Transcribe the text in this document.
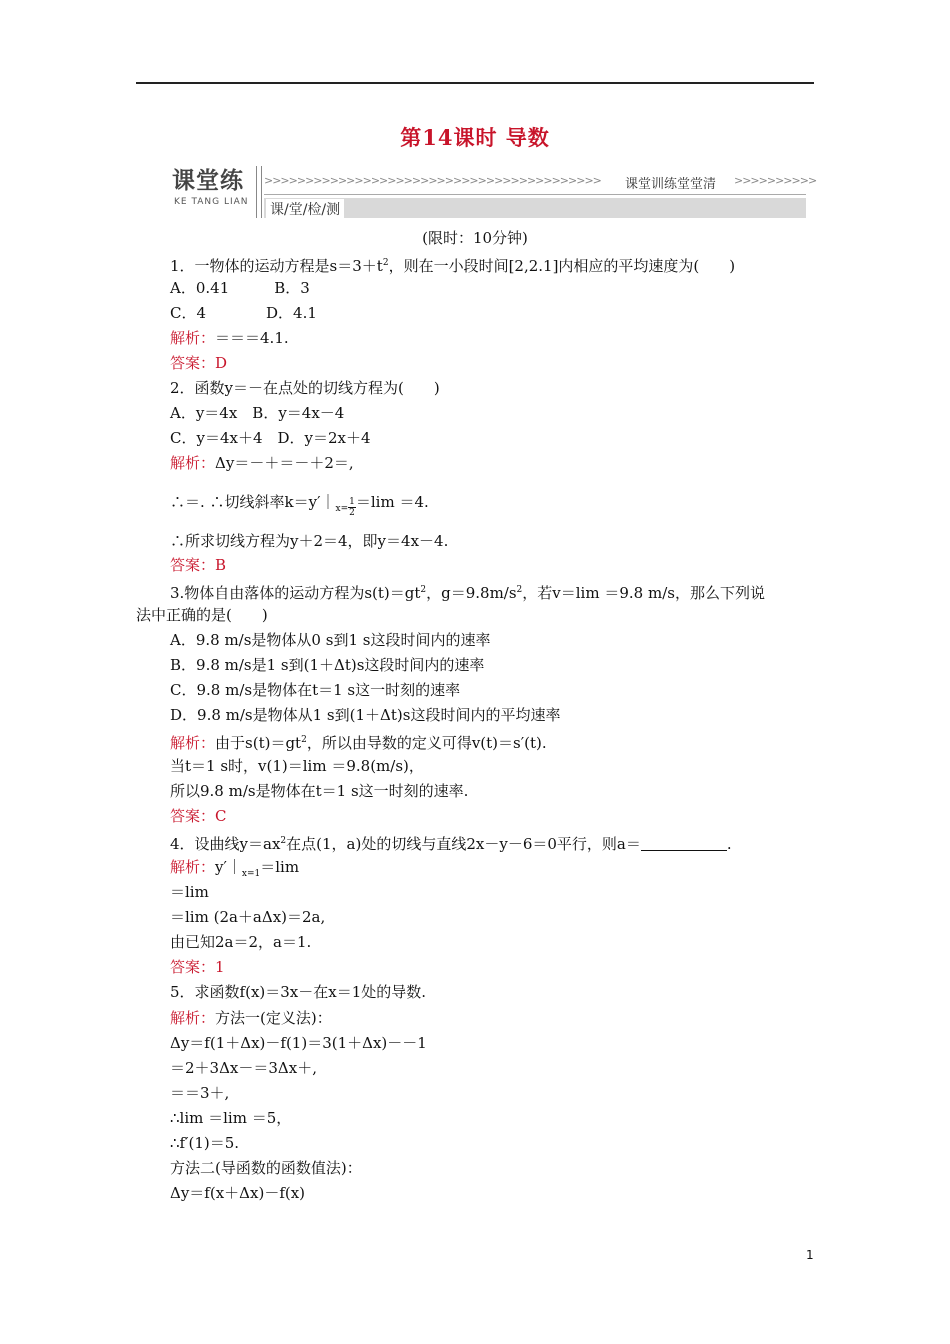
第14课时 导数
课堂练
KE TANG LIAN
>>>>>>>>>>>>>>>>>>>>>>>>>>>>>>>>>>>>>>>>>	课堂训练堂堂清 >>>>>>>>>>
课/堂/检/测
(限时：10分钟)
1．一物体的运动方程是$s=3+t^2$，则在一小段时间[2,2.1]内相应的平均速度为(　　)
A．0.41　　　B．3
C．4　　　　D．4.1
解析：＝＝＝4.1.
答案：D
2．函数y＝－在点处的切线方程为(　　)
A．y＝4x　B．y＝4x－4
C．y＝4x＋4　D．y＝2x＋4
解析：Δy＝－＋＝－＋2＝,
∴＝. ∴切线斜率$k=y'|_{x=} \frac{1}{2} =\lim =4$.
∴所求切线方程为y＋2＝4，即y＝4x－4.
答案：B
3.物体自由落体的运动方程为$s(t)=gt^2$，$g=9.8m/s^2$，若v＝lim ＝9.8 m/s，那么下列说
法中正确的是(　　)
A．9.8 m/s是物体从0 s到1 s这段时间内的速率
B．9.8 m/s是1 s到(1＋Δt)s这段时间内的速率
C．9.8 m/s是物体在t＝1 s这一时刻的速率
D．9.8 m/s是物体从1 s到(1＋Δt)s这段时间内的平均速率
解析：由于$s(t)=gt^2$，所以由导数的定义可得v(t)＝s′(t).
当t＝1 s时，v(1)＝lim ＝9.8(m/s)，
所以9.8 m/s是物体在t＝1 s这一时刻的速率.
答案：C
4．设曲线$y=ax^2$在点(1，a)处的切线与直线2x－y－6＝0平行，则a＝	.
解析：$y'|_{x=1}=\lim$
＝lim
＝lim (2a＋aΔx)＝2a,
由已知2a＝2，a＝1.
答案：1
5．求函数f(x)＝3x－在x＝1处的导数.
解析：方法一(定义法)：
Δy＝f(1＋Δx)－f(1)＝3(1＋Δx)－－1
＝2＋3Δx－＝3Δx＋,
＝＝3＋,
∴lim ＝lim ＝5，
∴f′(1)＝5.
方法二(导函数的函数值法)：
Δy＝f(x＋Δx)－f(x)
1
